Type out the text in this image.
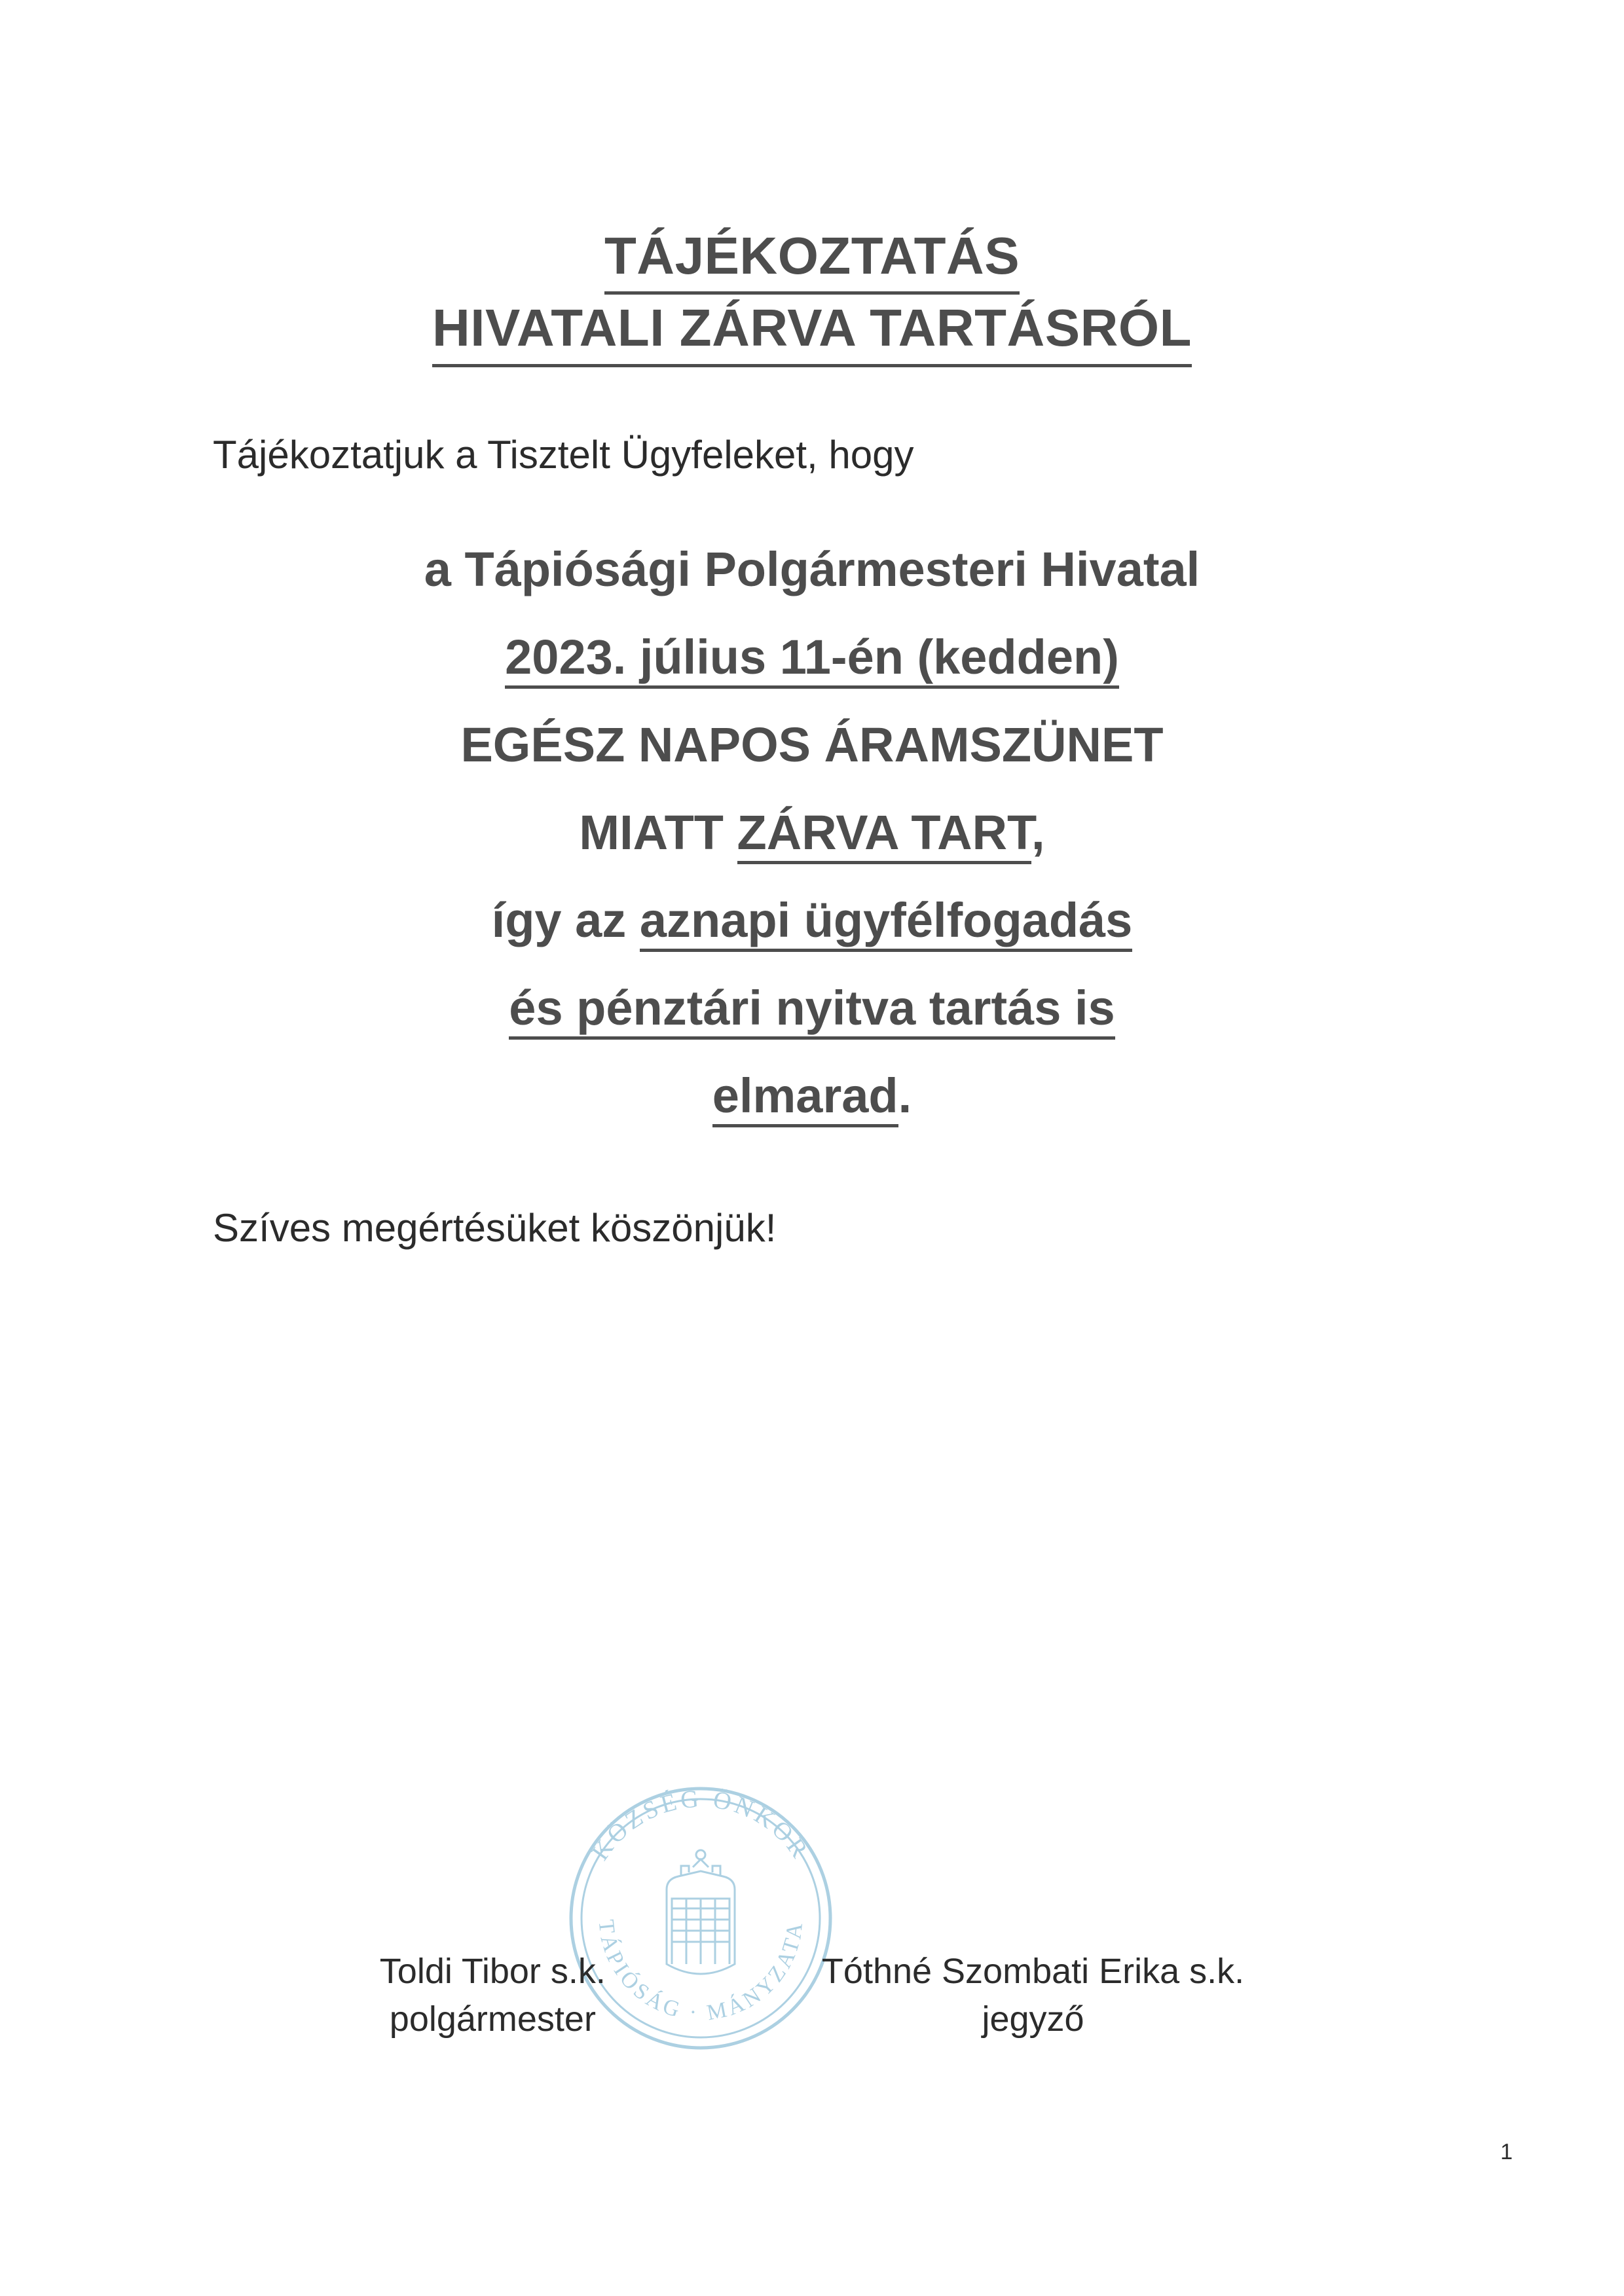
TÁJÉKOZTATÁS
HIVATALI ZÁRVA TARTÁSRÓL

Tájékoztatjuk a Tisztelt Ügyfeleket, hogy

a Tápiósági Polgármesteri Hivatal
2023. július 11-én (kedden)
EGÉSZ NAPOS ÁRAMSZÜNET
MIATT ZÁRVA TART,
így az aznapi ügyfélfogadás
és pénztári nyitva tartás is
elmarad.

Szíves megértésüket köszönjük!

KÖZSÉG ÖNKOR
TÁPIÓSÁG · MÁNYZATA
Toldi Tibor s.k.
polgármester
Tóthné Szombati Erika s.k.
jegyző
1
